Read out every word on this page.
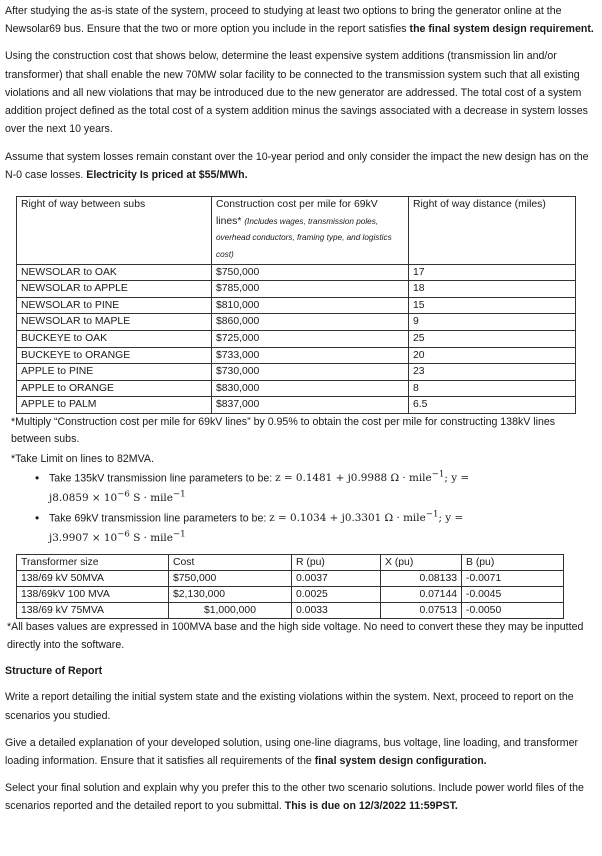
After studying the as-is state of the system, proceed to studying at least two options to bring the generator online at the Newsolar69 bus. Ensure that the two or more option you include in the report satisfies the final system design requirement.

Using the construction cost that shows below, determine the least expensive system additions (transmission lin and/or transformer) that shall enable the new 70MW solar facility to be connected to the transmission system such that all existing violations and all new violations that may be introduced due to the new generator are addressed. The total cost of a system addition project defined as the total cost of a system addition minus the savings associated with a decrease in system losses over the next 10 years.

Assume that system losses remain constant over the 10-year period and only consider the impact the new design has on the N-0 case losses. Electricity Is priced at $55/MWh.

Right of way between subs	Construction cost per mile for 69kV lines* (Includes wages, transmission poles, overhead conductors, framing type, and logistics cost)	Right of way distance (miles)
NEWSOLAR to OAK	$750,000	17
NEWSOLAR to APPLE	$785,000	18
NEWSOLAR to PINE	$810,000	15
NEWSOLAR to MAPLE	$860,000	9
BUCKEYE to OAK	$725,000	25
BUCKEYE to ORANGE	$733,000	20
APPLE to PINE	$730,000	23
APPLE to ORANGE	$830,000	8
APPLE to PALM	$837,000	6.5

*Multiply “Construction cost per mile for 69kV lines” by 0.95% to obtain the cost per mile for constructing 138kV lines between subs.

*Take Limit on lines to 82MVA.

• Take 135kV transmission line parameters to be: z = 0.1481 + j0.9988 Ω · mile$^{-1}$; y =
$j8.0859 \times 10^{-6}$ S · mile$^{-1}$
• Take 69kV transmission line parameters to be: z = 0.1034 + j0.3301 Ω · mile$^{-1}$; y =
$j3.9907 \times 10^{-6}$ S · mile$^{-1}$
Transformer size	Cost	R (pu)	X (pu)	B (pu)
138/69 kV 50MVA	$750,000	0.0037	0.08133	-0.0071
138/69kV 100 MVA	$2,130,000	0.0025	0.07144	-0.0045
138/69 kV 75MVA	$1,000,000	0.0033	0.07513	-0.0050

*All bases values are expressed in 100MVA base and the high side voltage. No need to convert these they may be inputted directly into the software.

Structure of Report

Write a report detailing the initial system state and the existing violations within the system. Next, proceed to report on the scenarios you studied.

Give a detailed explanation of your developed solution, using one-line diagrams, bus voltage, line loading, and transformer loading information. Ensure that it satisfies all requirements of the final system design configuration.

Select your final solution and explain why you prefer this to the other two scenario solutions. Include power world files of the scenarios reported and the detailed report to you submittal. This is due on 12/3/2022 11:59PST.
